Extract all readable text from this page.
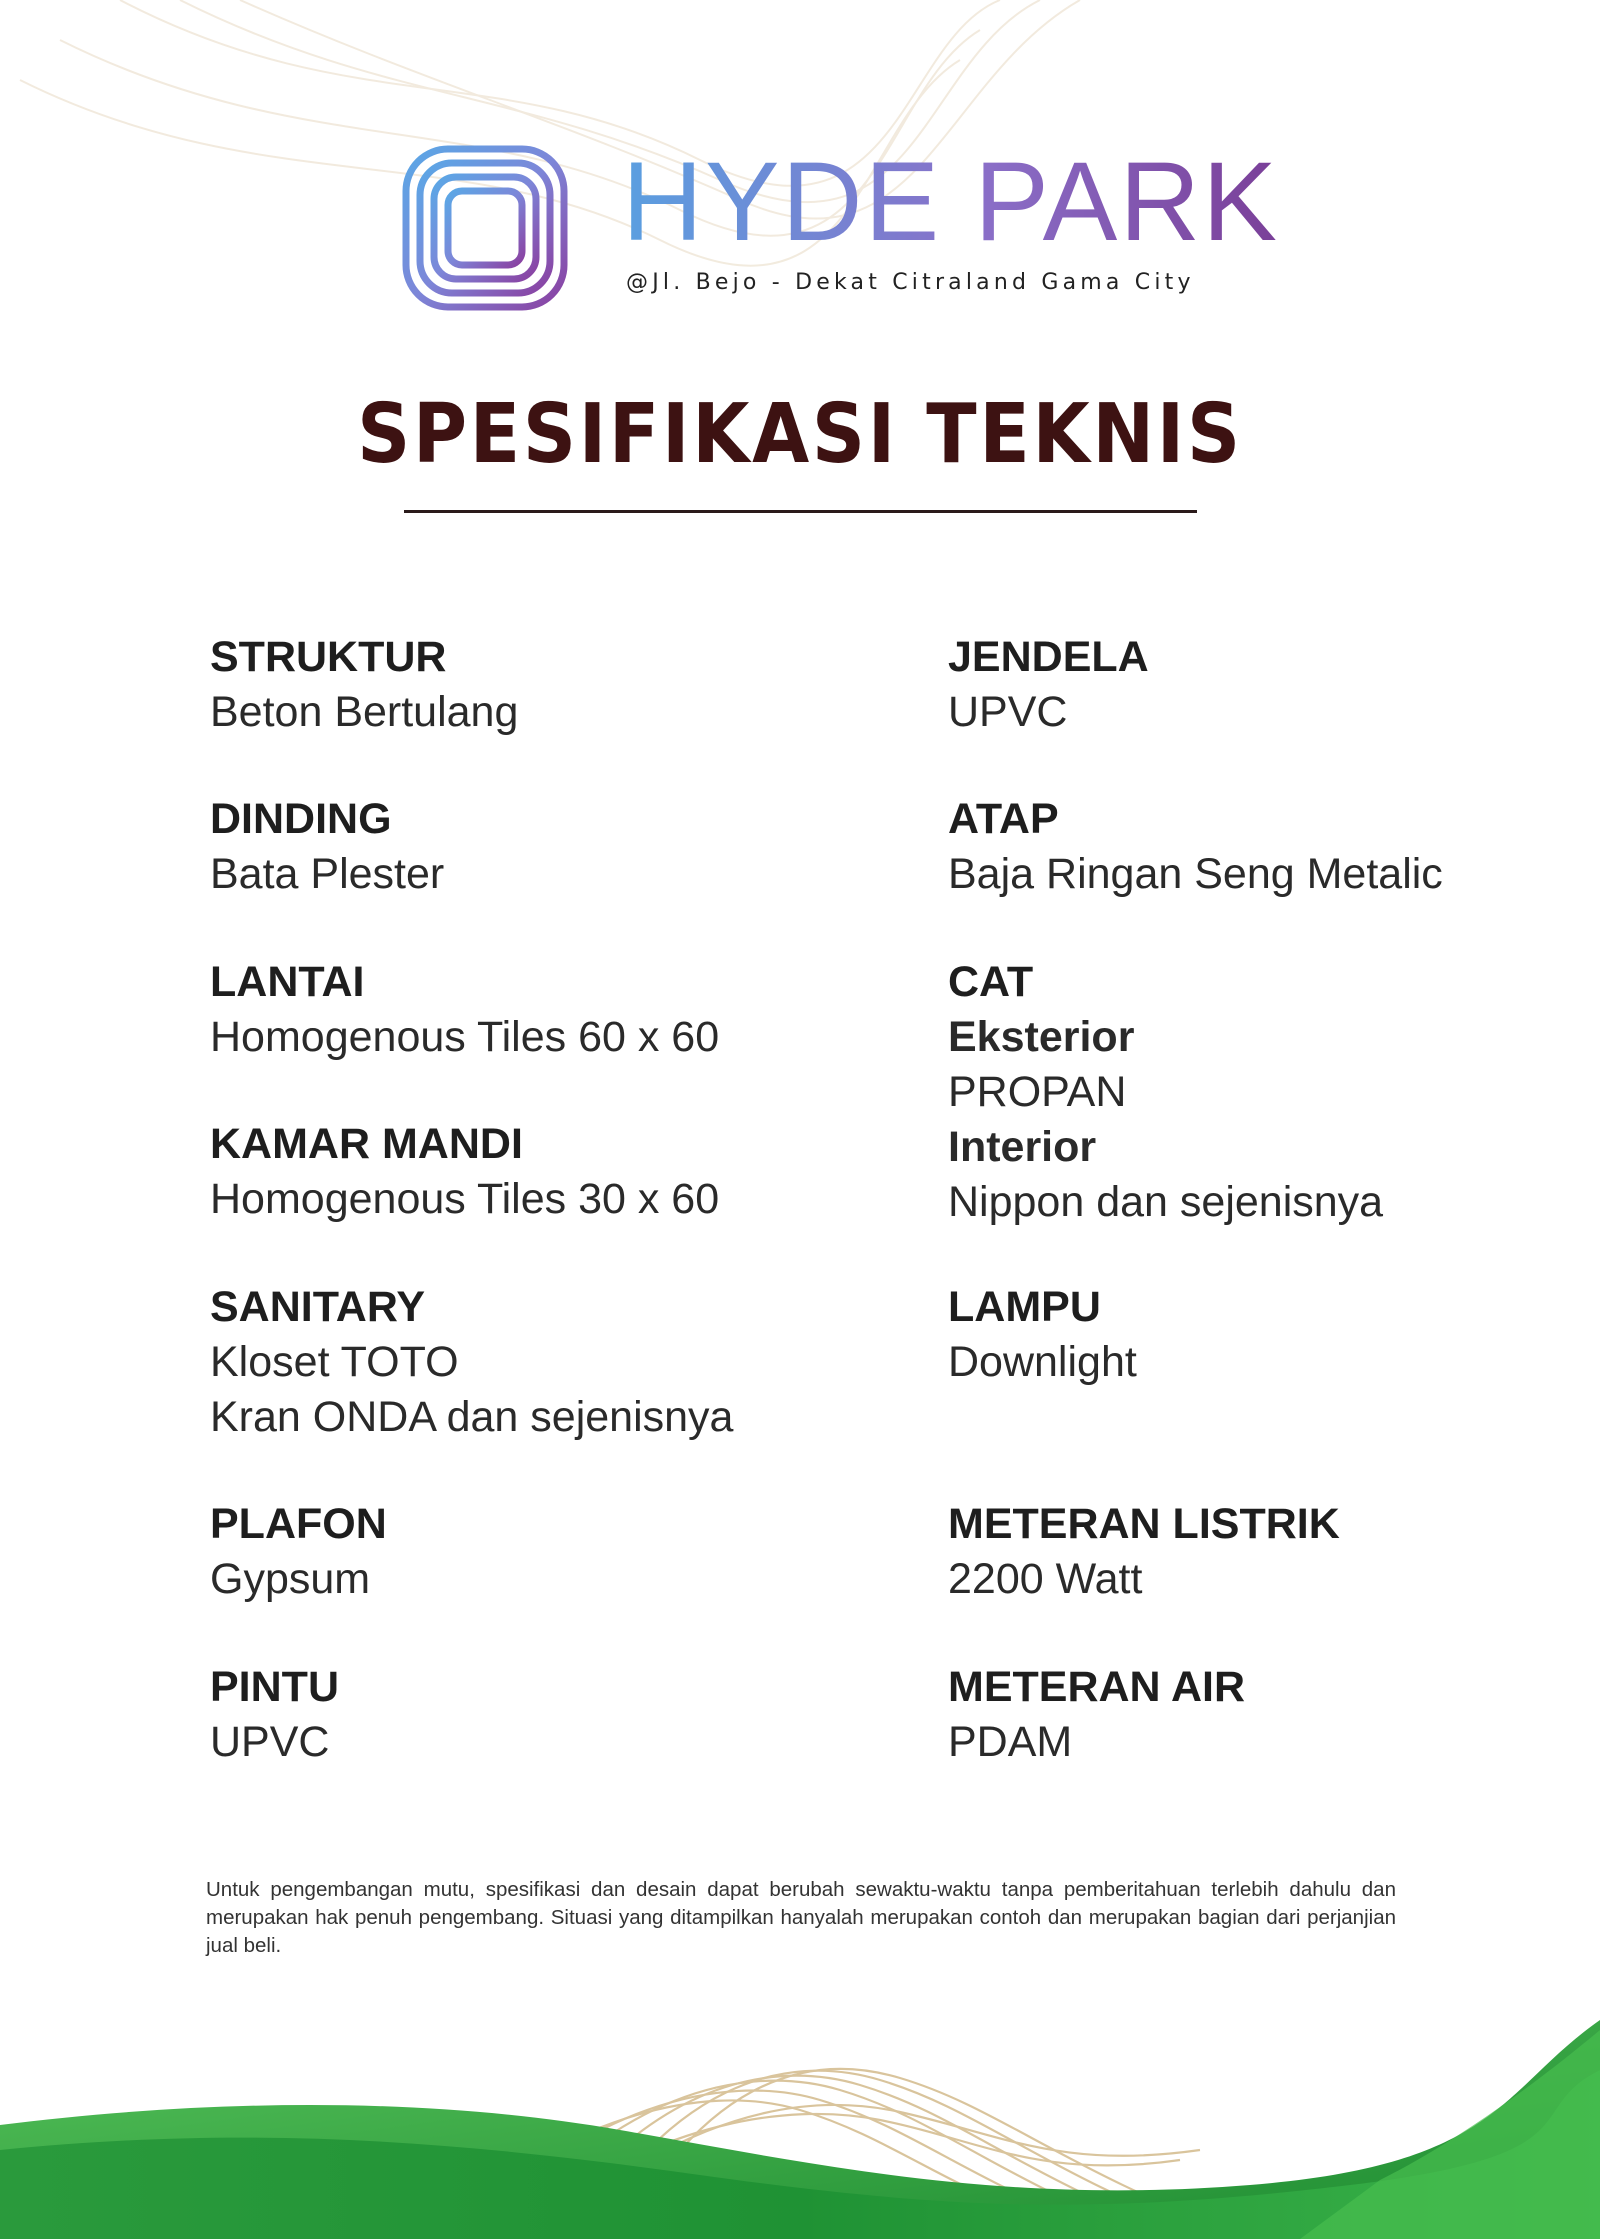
HYDE PARK
@Jl. Bejo - Dekat Citraland Gama City
SPESIFIKASI TEKNIS
STRUKTUR
Beton Bertulang
DINDING
Bata Plester
LANTAI
Homogenous Tiles 60 x 60
KAMAR MANDI
Homogenous Tiles 30 x 60
SANITARY
Kloset TOTO
Kran ONDA dan sejenisnya
PLAFON
Gypsum
PINTU
UPVC
JENDELA
UPVC
ATAP
Baja Ringan Seng Metalic
CAT
Eksterior
PROPAN
Interior
Nippon dan sejenisnya
LAMPU
Downlight
METERAN LISTRIK
2200 Watt
METERAN AIR
PDAM
Untuk pengembangan mutu, spesifikasi dan desain dapat berubah sewaktu-waktu tanpa pemberitahuan terlebih dahulu dan merupakan hak penuh pengembang. Situasi yang ditampilkan hanyalah merupakan contoh dan merupakan bagian dari perjanjian jual beli.
